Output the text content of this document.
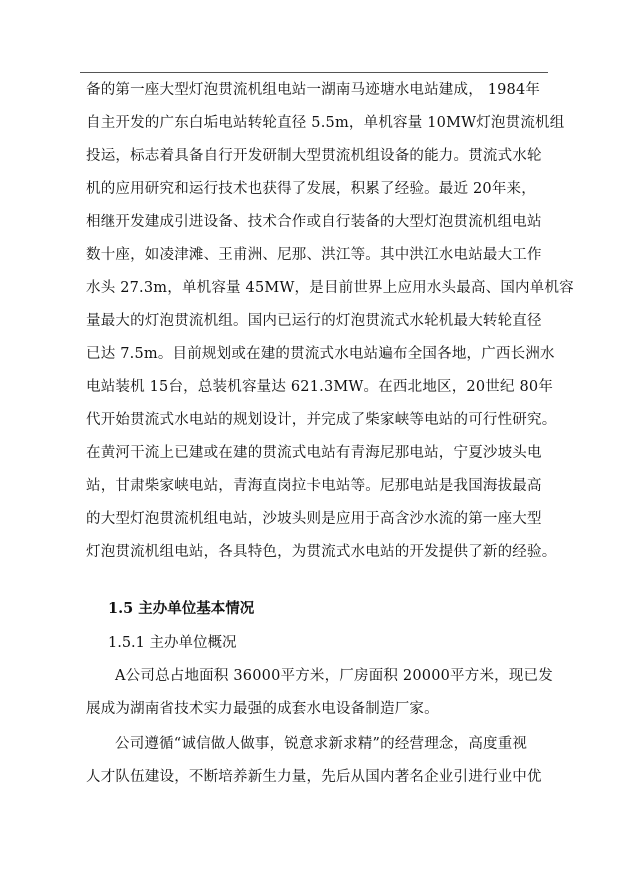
备的第一座大型灯泡贯流机组电站一湖南马迹塘水电站建成， 1984年
自主开发的广东白垢电站转轮直径 5.5m，单机容量 10MW灯泡贯流机组
投运，标志着具备自行开发研制大型贯流机组设备的能力。贯流式水轮
机的应用研究和运行技术也获得了发展，积累了经验。最近 20年来，
相继开发建成引进设备、技术合作或自行装备的大型灯泡贯流机组电站
数十座，如凌津滩、王甫洲、尼那、洪江等。其中洪江水电站最大工作
水头 27.3m，单机容量 45MW，是目前世界上应用水头最高、国内单机容
量最大的灯泡贯流机组。国内已运行的灯泡贯流式水轮机最大转轮直径
已达 7.5m。目前规划或在建的贯流式水电站遍布全国各地，广西长洲水
电站装机 15台，总装机容量达 621.3MW。在西北地区，20世纪 80年
代开始贯流式水电站的规划设计，并完成了柴家峡等电站的可行性研究。
在黄河干流上已建或在建的贯流式电站有青海尼那电站，宁夏沙坡头电
站，甘肃柴家峡电站，青海直岗拉卡电站等。尼那电站是我国海拔最高
的大型灯泡贯流机组电站，沙坡头则是应用于高含沙水流的第一座大型
灯泡贯流机组电站，各具特色，为贯流式水电站的开发提供了新的经验。
1.5 主办单位基本情况
1.5.1 主办单位概况
A公司总占地面积 36000平方米，厂房面积 20000平方米，现已发
展成为湖南省技术实力最强的成套水电设备制造厂家。
公司遵循“诚信做人做事，锐意求新求精”的经营理念，高度重视
人才队伍建设，不断培养新生力量，先后从国内著名企业引进行业中优
